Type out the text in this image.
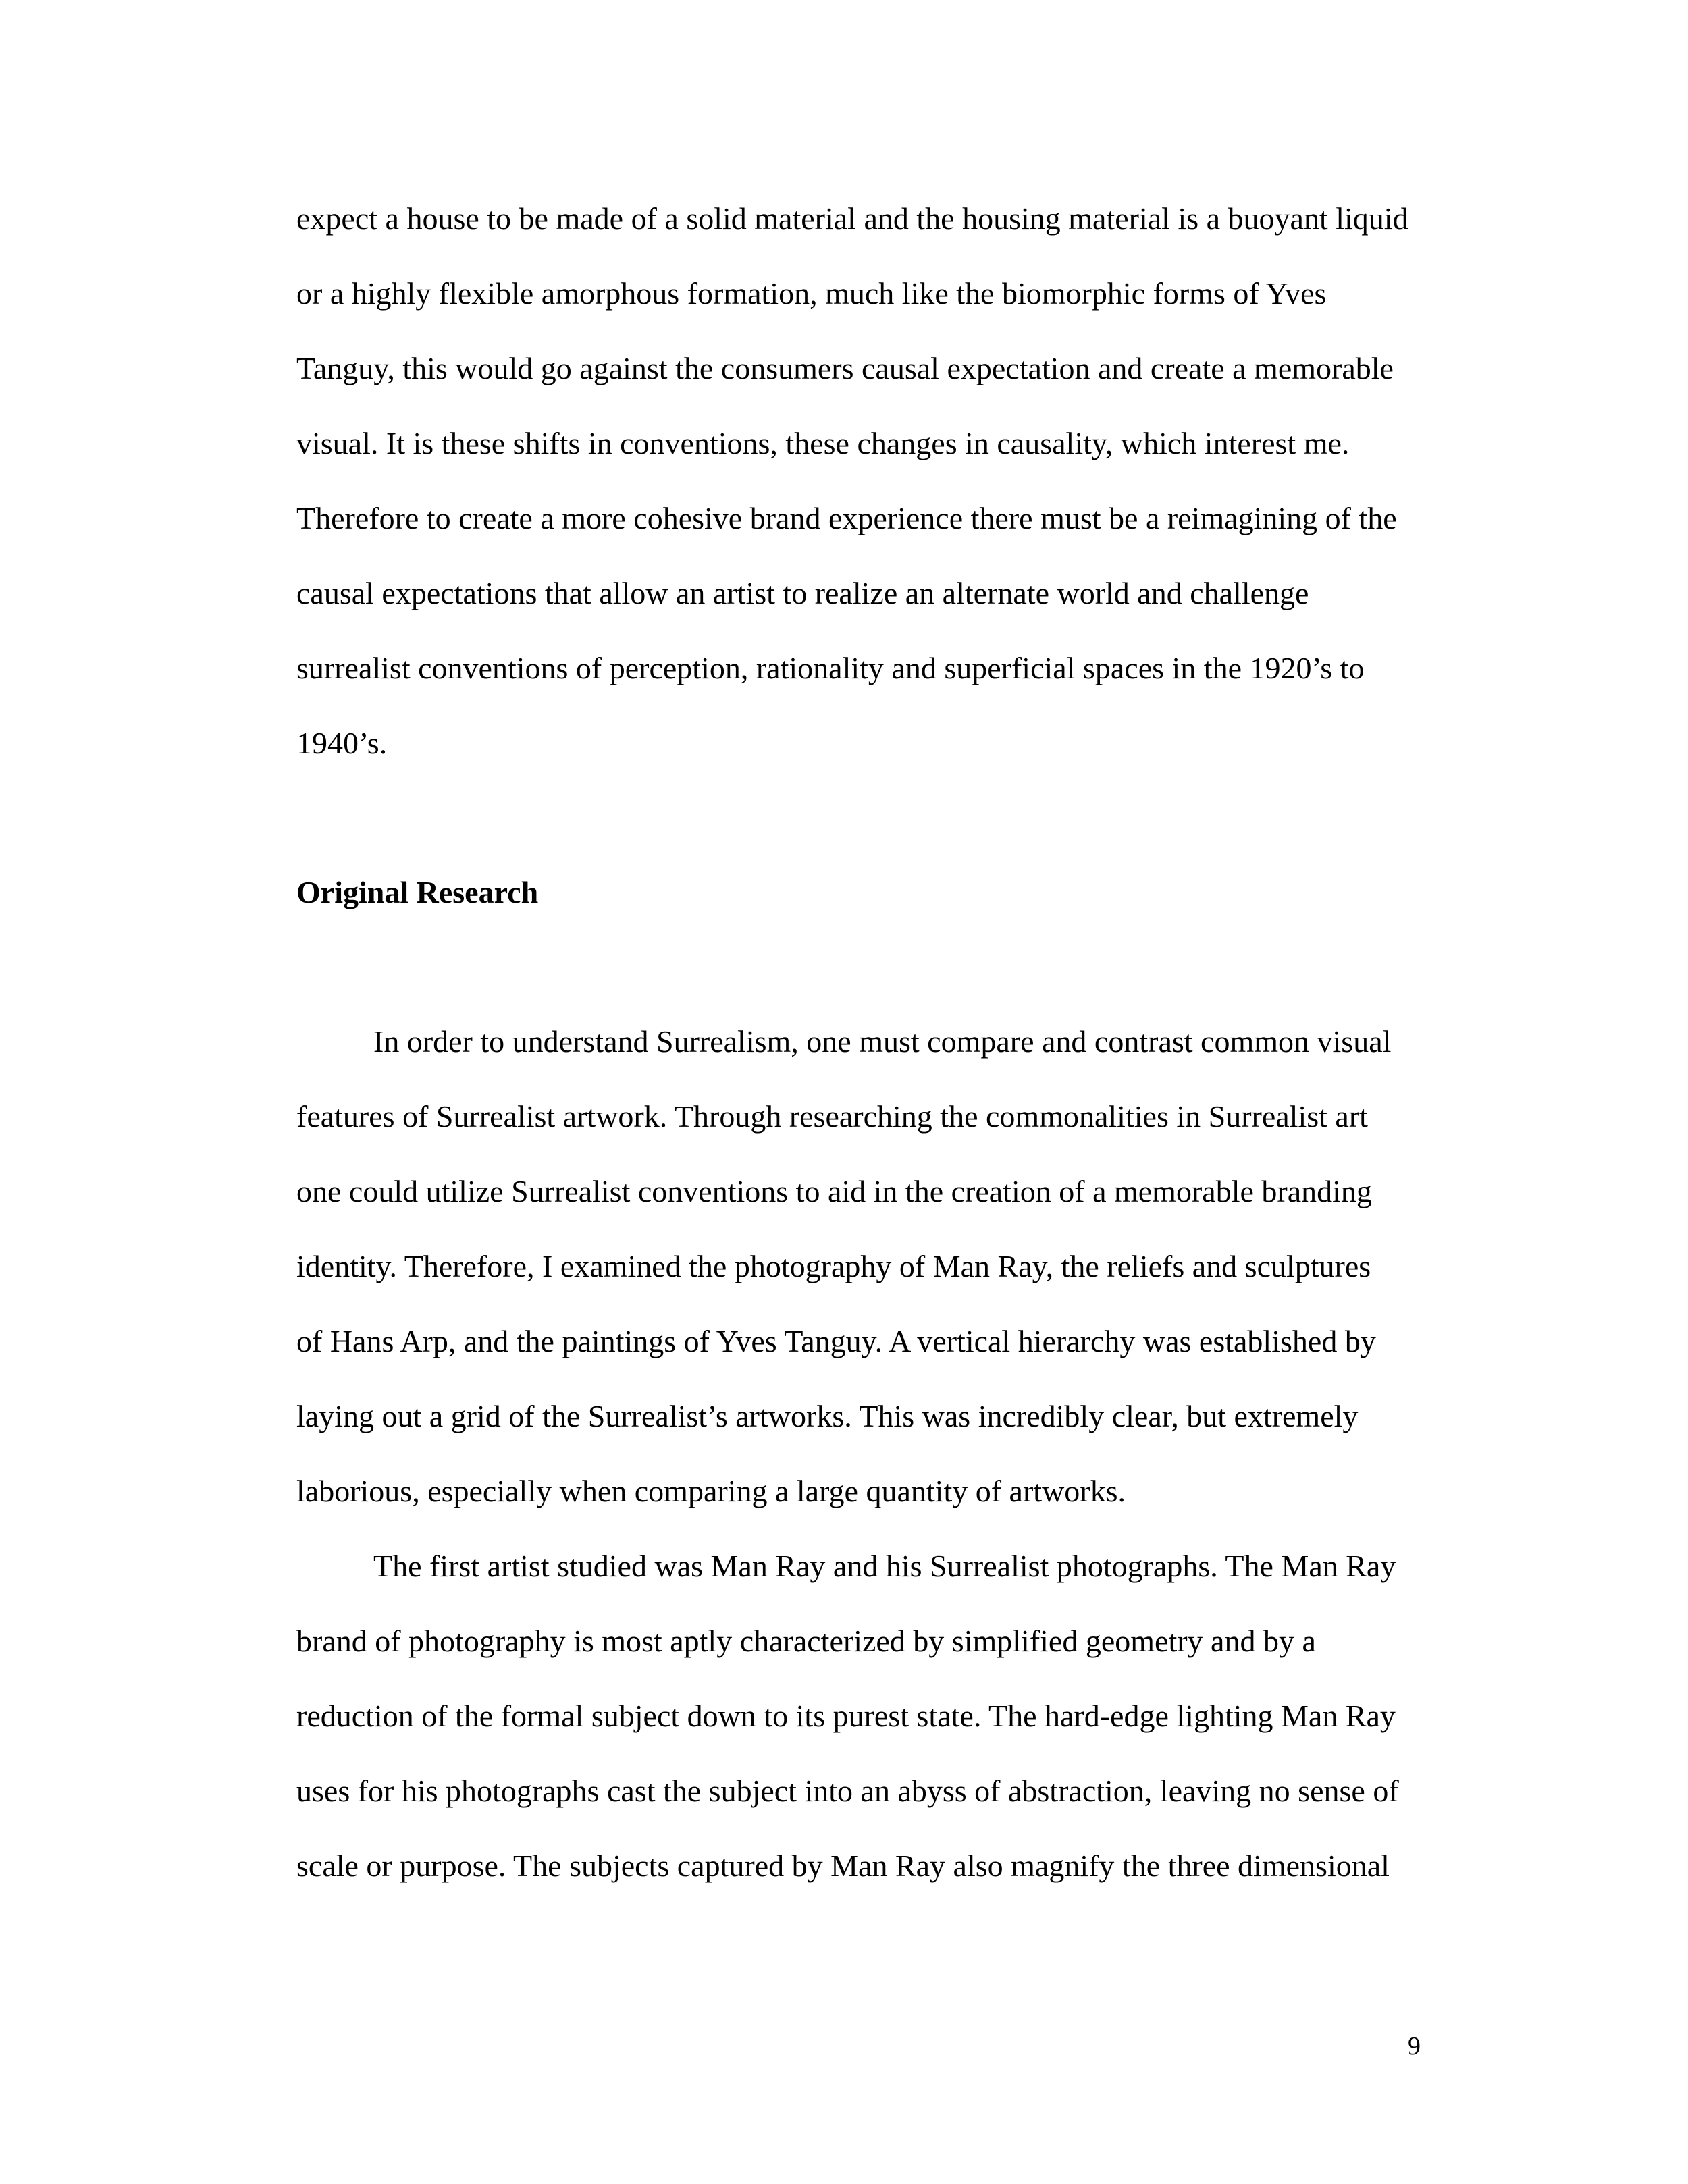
expect a house to be made of a solid material and the housing material is a buoyant liquid
or a highly flexible amorphous formation, much like the biomorphic forms of Yves
Tanguy, this would go against the consumers causal expectation and create a memorable
visual. It is these shifts in conventions, these changes in causality, which interest me.
Therefore to create a more cohesive brand experience there must be a reimagining of the
causal expectations that allow an artist to realize an alternate world and challenge
surrealist conventions of perception, rationality and superficial spaces in the 1920’s to
1940’s.
Original Research
In order to understand Surrealism, one must compare and contrast common visual
features of Surrealist artwork. Through researching the commonalities in Surrealist art
one could utilize Surrealist conventions to aid in the creation of a memorable branding
identity. Therefore, I examined the photography of Man Ray, the reliefs and sculptures
of Hans Arp, and the paintings of Yves Tanguy. A vertical hierarchy was established by
laying out a grid of the Surrealist’s artworks. This was incredibly clear, but extremely
laborious, especially when comparing a large quantity of artworks.
The first artist studied was Man Ray and his Surrealist photographs. The Man Ray
brand of photography is most aptly characterized by simplified geometry and by a
reduction of the formal subject down to its purest state. The hard-edge lighting Man Ray
uses for his photographs cast the subject into an abyss of abstraction, leaving no sense of
scale or purpose. The subjects captured by Man Ray also magnify the three dimensional
9
